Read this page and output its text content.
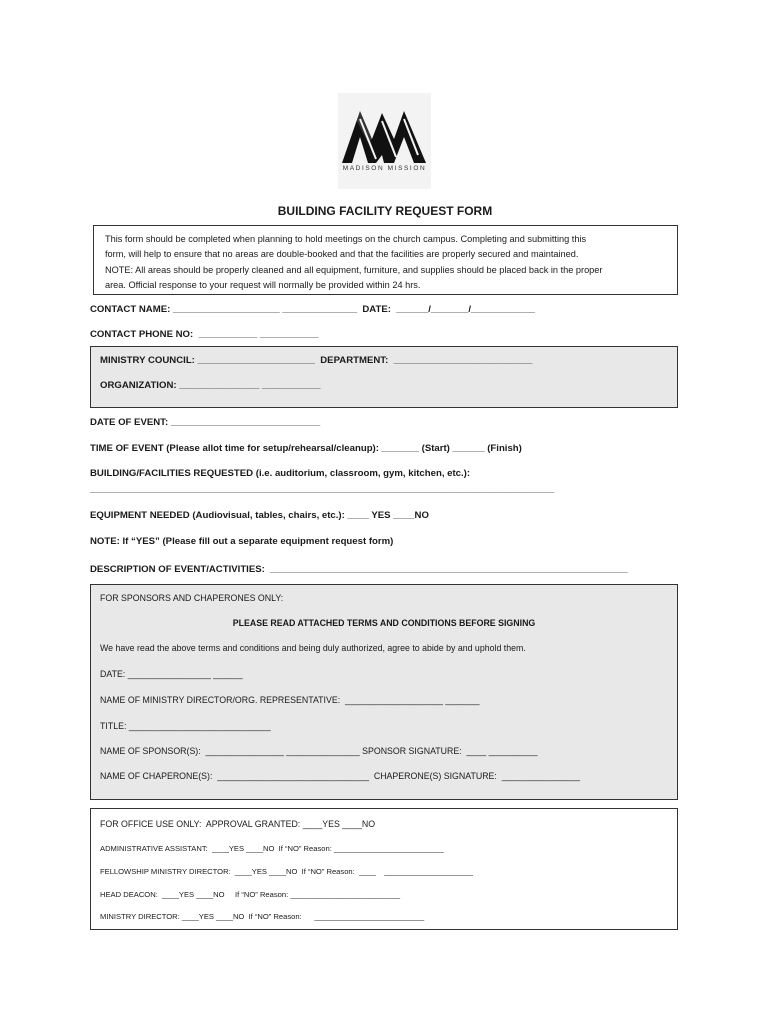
MADISON MISSION
BUILDING FACILITY REQUEST FORM
This form should be completed when planning to hold meetings on the church campus. Completing and submitting this
form, will help to ensure that no areas are double-booked and that the facilities are properly secured and maintained.
NOTE: All areas should be properly cleaned and all equipment, furniture, and supplies should be placed back in the proper
area. Official response to your request will normally be provided within 24 hrs.
CONTACT NAME: ____________________ ______________  DATE:  ______/_______/____________
CONTACT PHONE NO:  ___________ ___________
MINISTRY COUNCIL: ______________________  DEPARTMENT:  __________________________
ORGANIZATION: _______________ ___________
DATE OF EVENT: ____________________________
TIME OF EVENT (Please allot time for setup/rehearsal/cleanup): _______ (Start) ______ (Finish)
BUILDING/FACILITIES REQUESTED (i.e. auditorium, classroom, gym, kitchen, etc.):
_______________________________________________________________________________________
EQUIPMENT NEEDED (Audiovisual, tables, chairs, etc.): ____ YES ____NO
NOTE: If “YES” (Please fill out a separate equipment request form)
DESCRIPTION OF EVENT/ACTIVITIES:  ___________________________________________________________________
FOR SPONSORS AND CHAPERONES ONLY:
PLEASE READ ATTACHED TERMS AND CONDITIONS BEFORE SIGNING
We have read the above terms and conditions and being duly authorized, agree to abide by and uphold them.
DATE: _________________ ______
NAME OF MINISTRY DIRECTOR/ORG. REPRESENTATIVE:  ____________________ _______
TITLE: _____________________________
NAME OF SPONSOR(S):  ________________ _______________ SPONSOR SIGNATURE:  ____ __________
NAME OF CHAPERONE(S):  _______________________________  CHAPERONE(S) SIGNATURE:  ________________
FOR OFFICE USE ONLY:  APPROVAL GRANTED: ____YES ____NO
ADMINISTRATIVE ASSISTANT:  ____YES ____NO  If “NO” Reason: __________________________
FELLOWSHIP MINISTRY DIRECTOR:  ____YES ____NO  If “NO” Reason:  ____    _____________________
HEAD DEACON:  ____YES ____NO     If “NO” Reason: __________________________
MINISTRY DIRECTOR: ____YES ____NO  If “NO” Reason:      __________________________
